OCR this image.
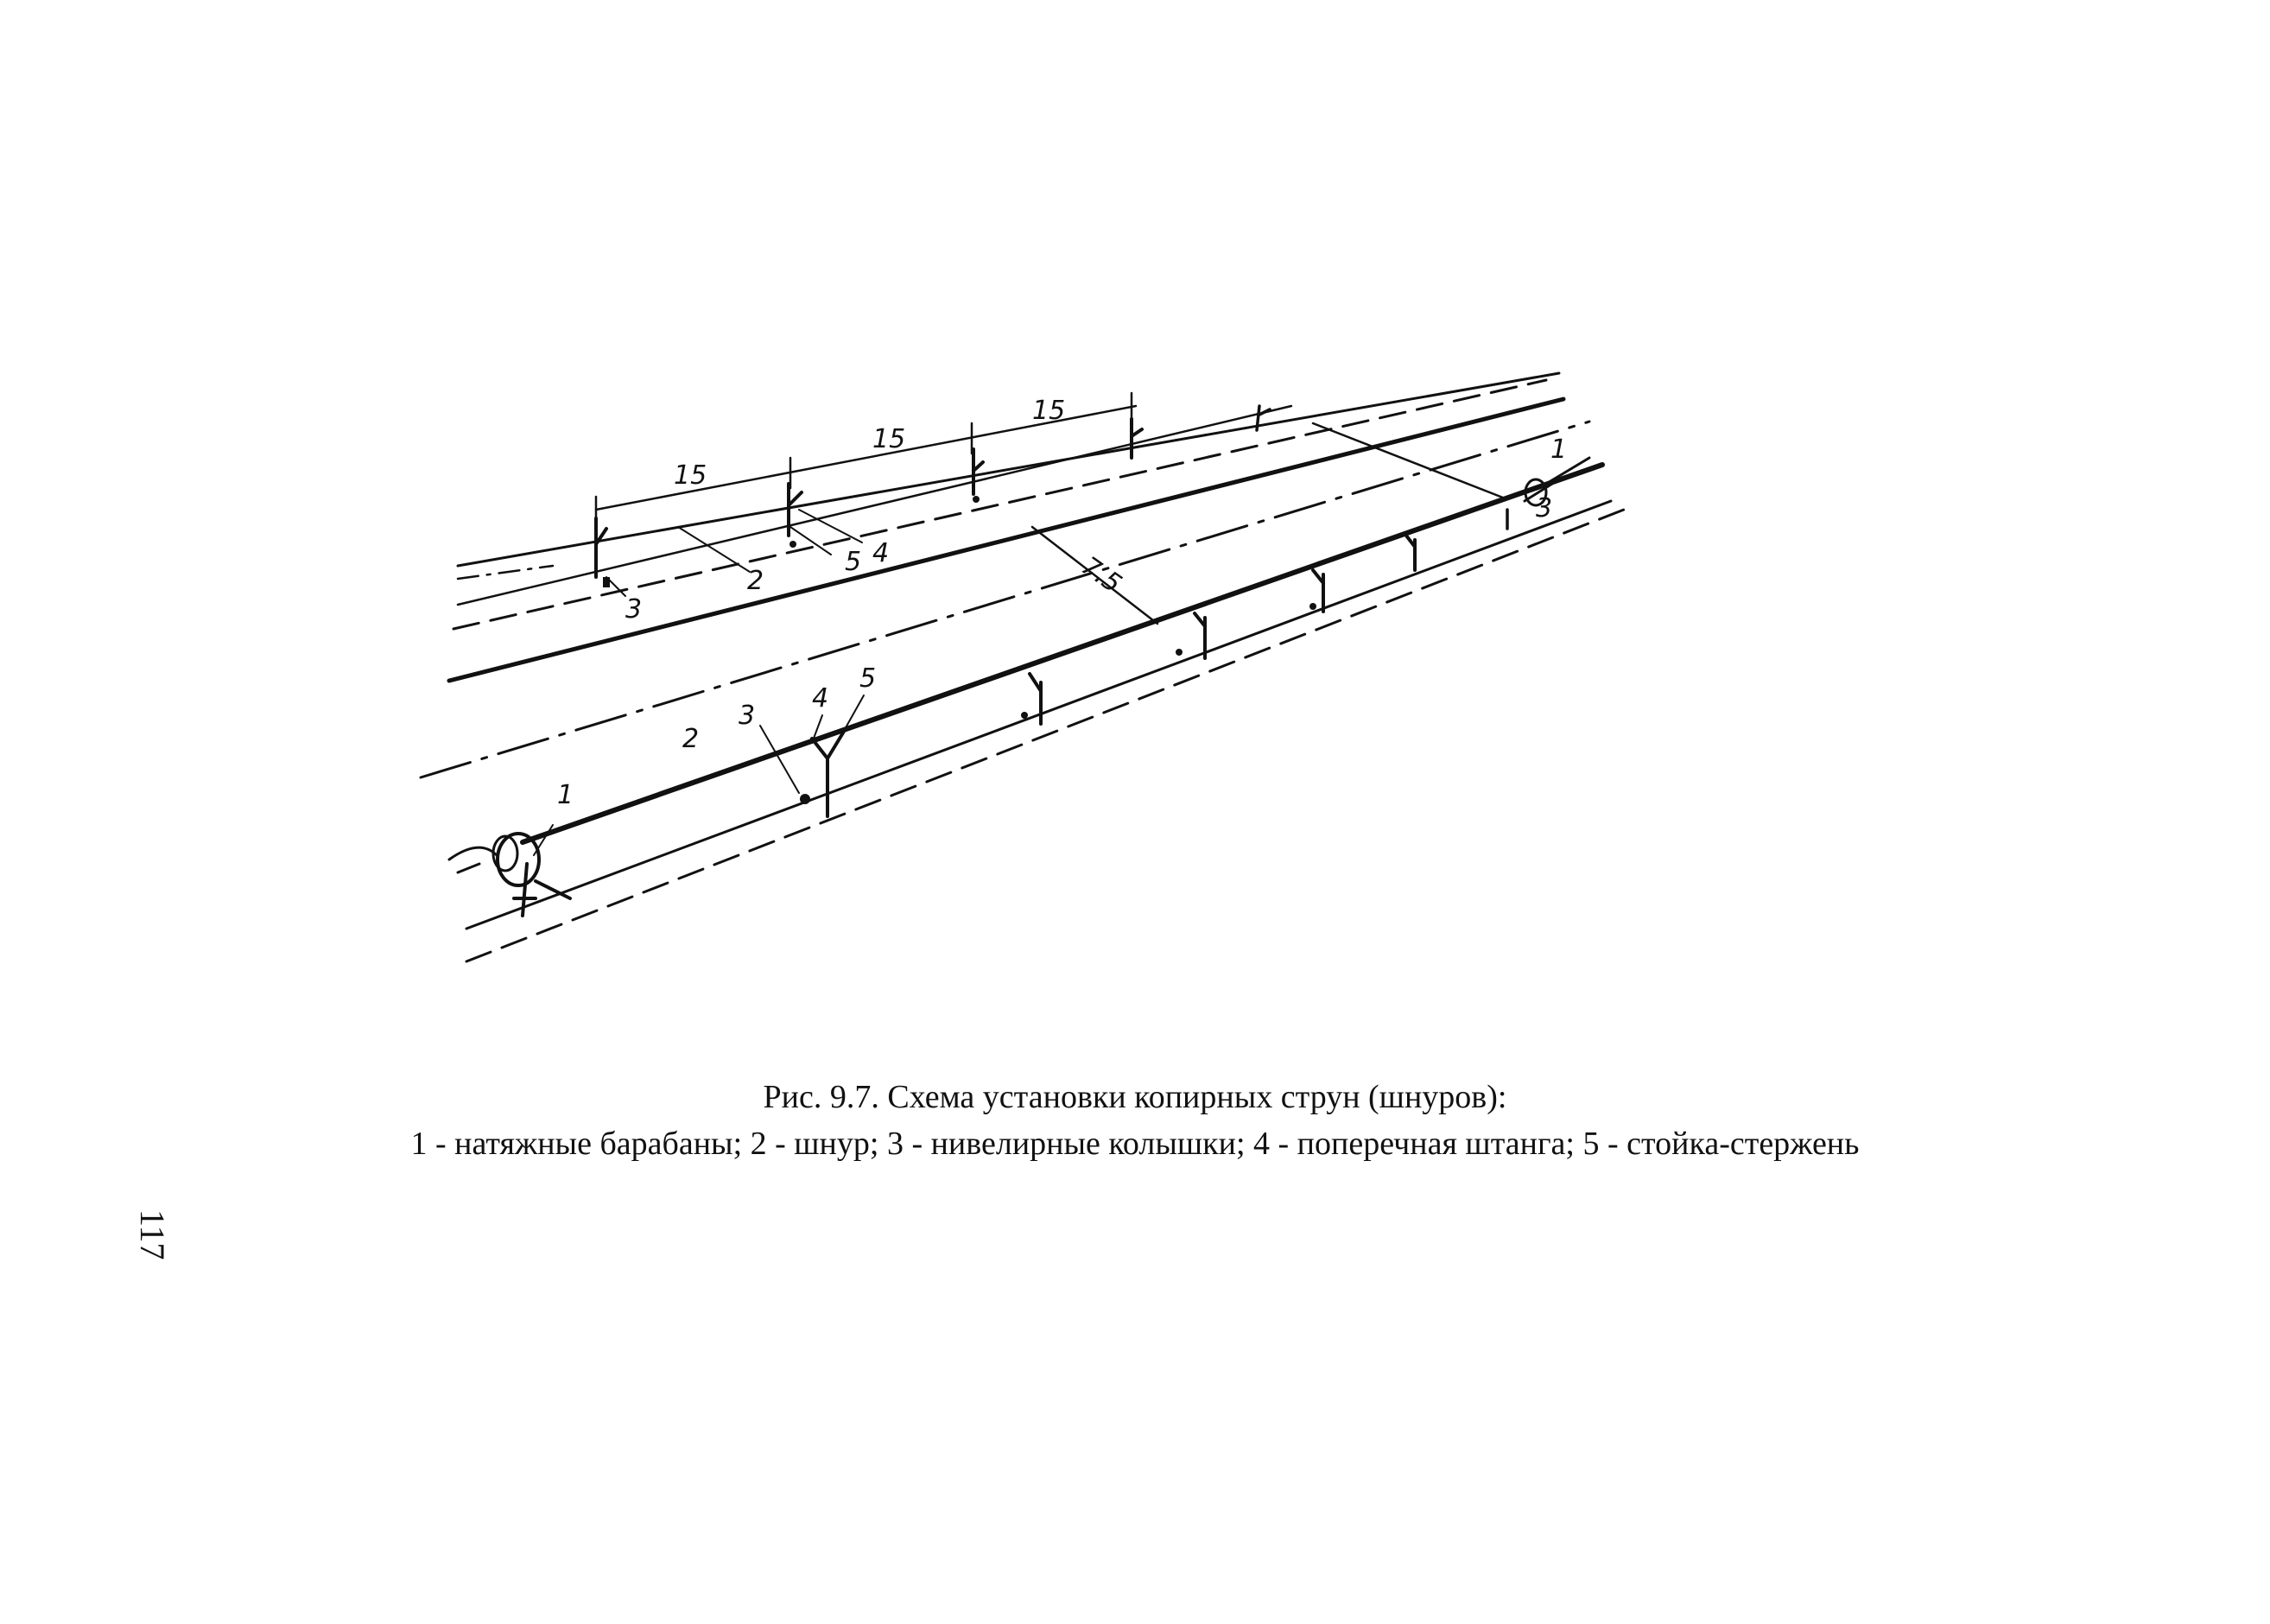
15
15
15
7.5
2
3
5 4
1
3
1
2
3
4
5
Рис. 9.7. Схема установки копирных струн (шнуров):
1 - натяжные барабаны; 2 - шнур; 3 - нивелирные колышки; 4 - поперечная штанга; 5 - стойка-стержень
117
